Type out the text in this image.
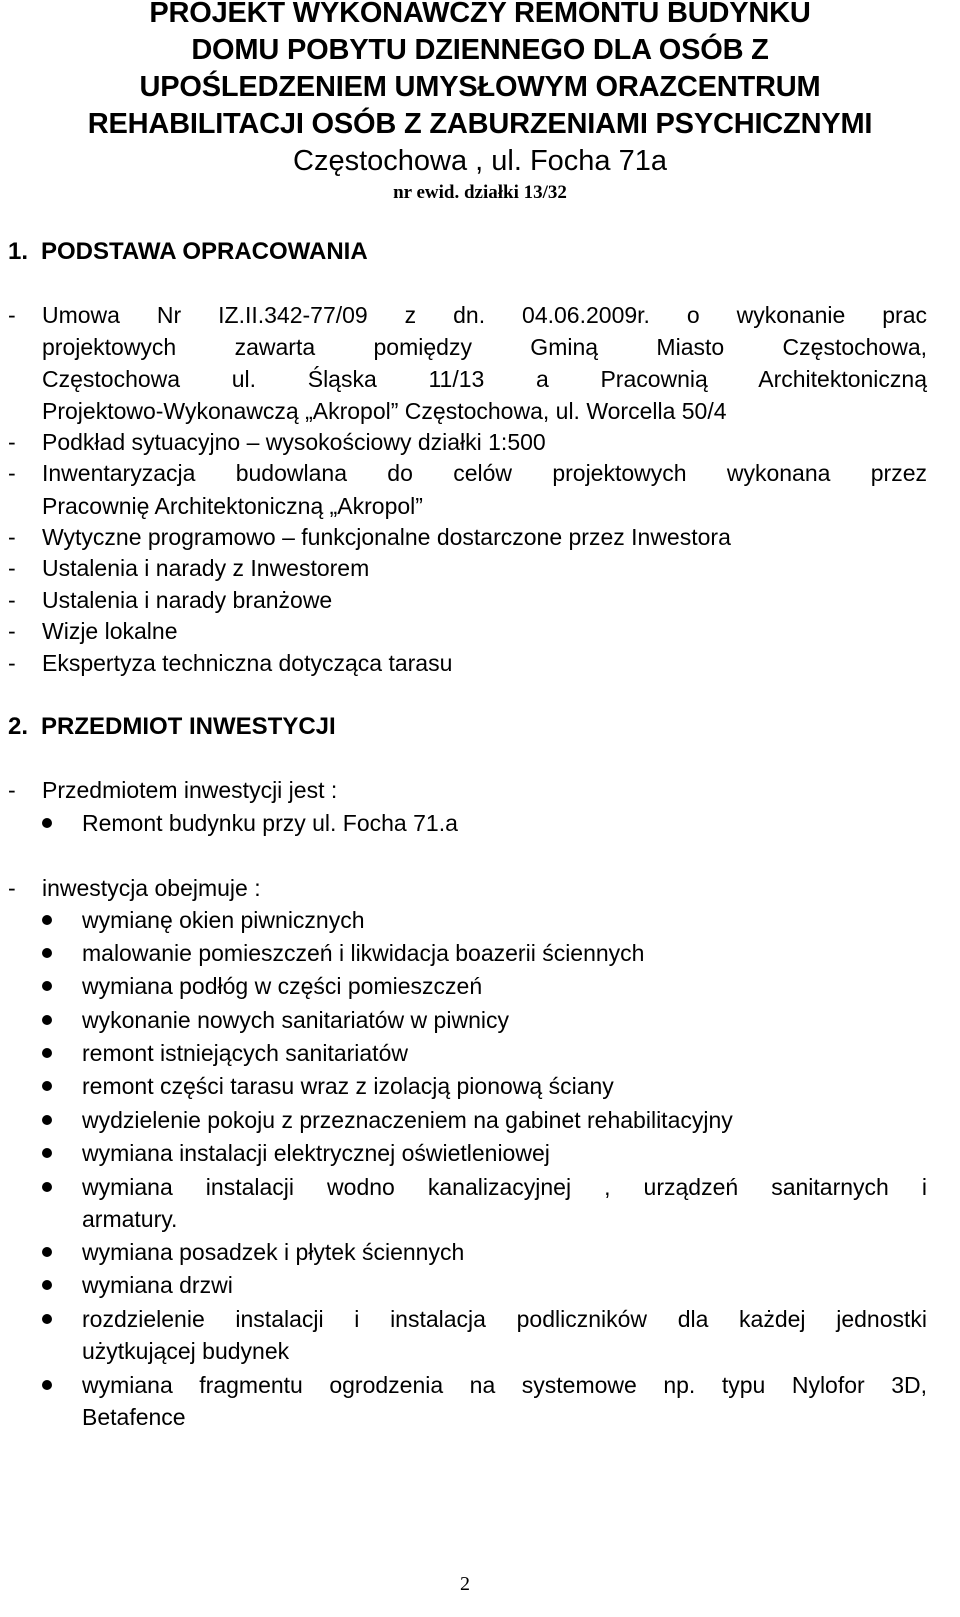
PROJEKT WYKONAWCZY REMONTU BUDYNKU
DOMU POBYTU DZIENNEGO DLA OSÓB Z
UPOŚLEDZENIEM UMYSŁOWYM ORAZCENTRUM
REHABILITACJI OSÓB Z ZABURZENIAMI PSYCHICZNYMI
Częstochowa , ul. Focha 71a
nr ewid. działki 13/32
1. PODSTAWA OPRACOWANIA
- Umowa Nr IZ.II.342-77/09 z dn. 04.06.2009r. o wykonanie prac
projektowych zawarta pomiędzy Gminą Miasto Częstochowa,
Częstochowa ul. Śląska 11/13 a Pracownią Architektoniczną
Projektowo-Wykonawczą „Akropol” Częstochowa, ul. Worcella 50/4
- Podkład sytuacyjno – wysokościowy działki 1:500
- Inwentaryzacja budowlana do celów projektowych wykonana przez
Pracownię Architektoniczną „Akropol”
- Wytyczne programowo – funkcjonalne dostarczone przez Inwestora
- Ustalenia i narady z Inwestorem
- Ustalenia i narady branżowe
- Wizje lokalne
- Ekspertyza techniczna dotycząca tarasu
2. PRZEDMIOT INWESTYCJI
- Przedmiotem inwestycji jest :
Remont budynku przy ul. Focha 71.a
- inwestycja obejmuje :
wymianę okien piwnicznych
malowanie pomieszczeń i likwidacja boazerii ściennych
wymiana podłóg w części pomieszczeń
wykonanie nowych sanitariatów w piwnicy
remont istniejących sanitariatów
remont części tarasu wraz z izolacją pionową ściany
wydzielenie pokoju z przeznaczeniem na gabinet rehabilitacyjny
wymiana instalacji elektrycznej oświetleniowej
wymiana instalacji wodno kanalizacyjnej , urządzeń sanitarnych i
armatury.
wymiana posadzek i płytek ściennych
wymiana drzwi
rozdzielenie instalacji i instalacja podliczników dla każdej jednostki
użytkującej budynek
wymiana fragmentu ogrodzenia na systemowe np. typu Nylofor 3D,
Betafence
2
